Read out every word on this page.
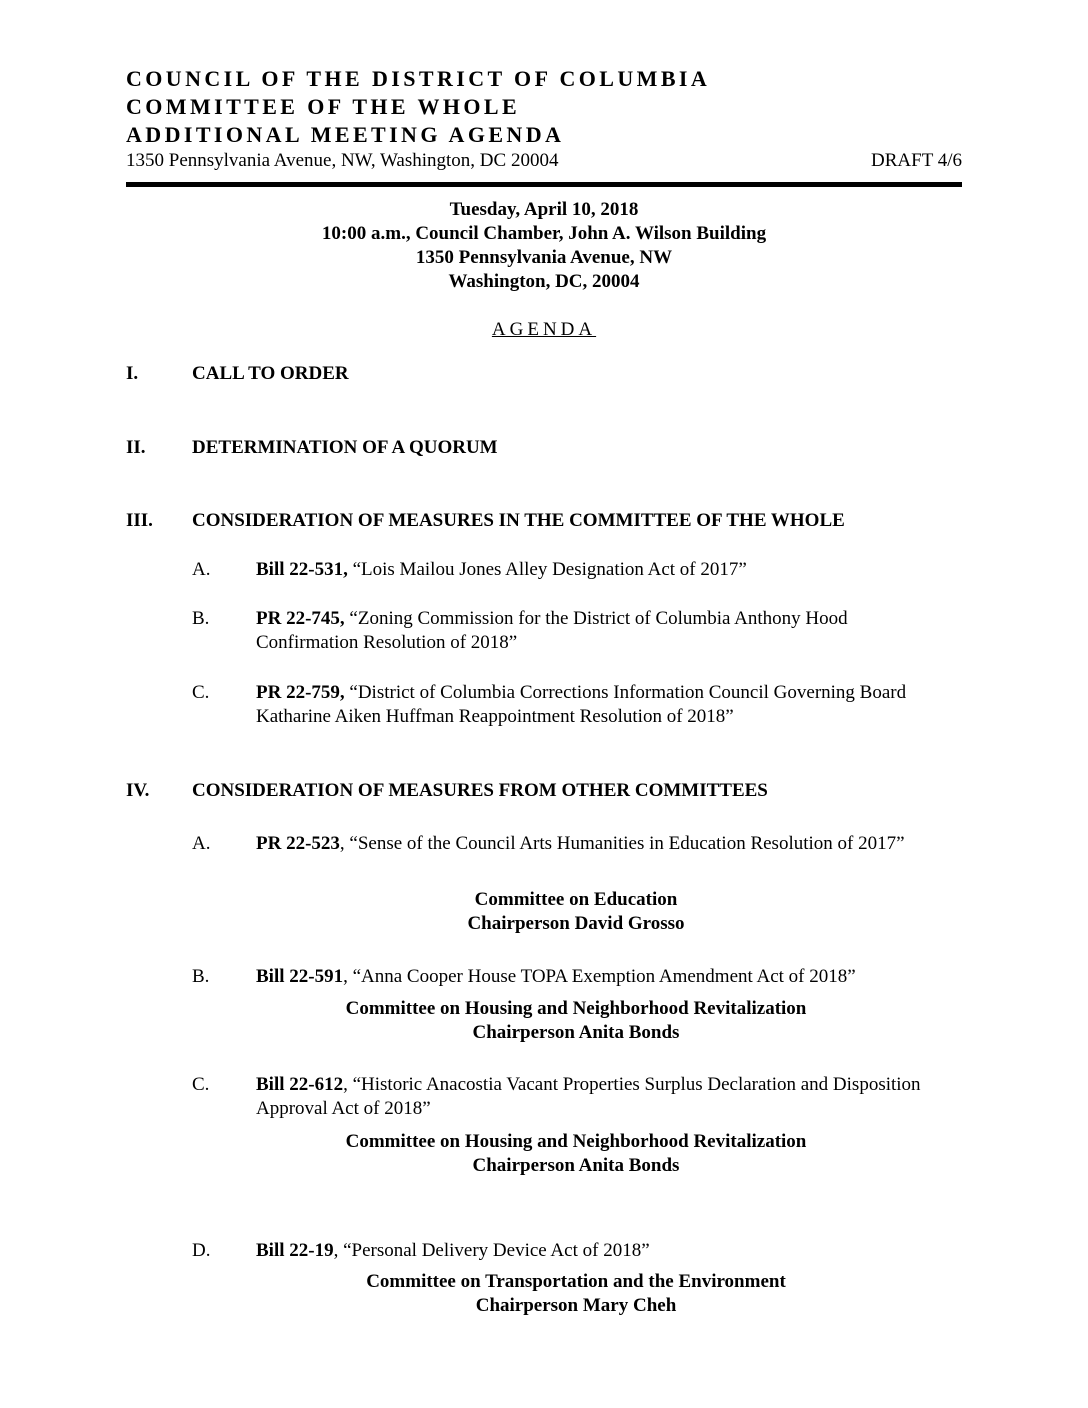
COUNCIL OF THE DISTRICT OF COLUMBIA
COMMITTEE OF THE WHOLE
ADDITIONAL MEETING AGENDA
1350 Pennsylvania Avenue, NW, Washington, DC 20004	DRAFT 4/6
Tuesday, April 10, 2018
10:00 a.m., Council Chamber, John A. Wilson Building
1350 Pennsylvania Avenue, NW
Washington, DC, 20004
AGENDA
I.	CALL TO ORDER
II. DETERMINATION OF A QUORUM
III. CONSIDERATION OF MEASURES IN THE COMMITTEE OF THE WHOLE
A. Bill 22-531, “Lois Mailou Jones Alley Designation Act of 2017”
B. PR 22-745, “Zoning Commission for the District of Columbia Anthony Hood Confirmation Resolution of 2018”
C. PR 22-759, “District of Columbia Corrections Information Council Governing Board Katharine Aiken Huffman Reappointment Resolution of 2018”
IV. CONSIDERATION OF MEASURES FROM OTHER COMMITTEES
A. PR 22-523, “Sense of the Council Arts Humanities in Education Resolution of 2017”
Committee on Education
Chairperson David Grosso
B. Bill 22-591, “Anna Cooper House TOPA Exemption Amendment Act of 2018”
Committee on Housing and Neighborhood Revitalization
Chairperson Anita Bonds
C. Bill 22-612, “Historic Anacostia Vacant Properties Surplus Declaration and Disposition Approval Act of 2018”
Committee on Housing and Neighborhood Revitalization
Chairperson Anita Bonds
D. Bill 22-19, “Personal Delivery Device Act of 2018”
Committee on Transportation and the Environment
Chairperson Mary Cheh
